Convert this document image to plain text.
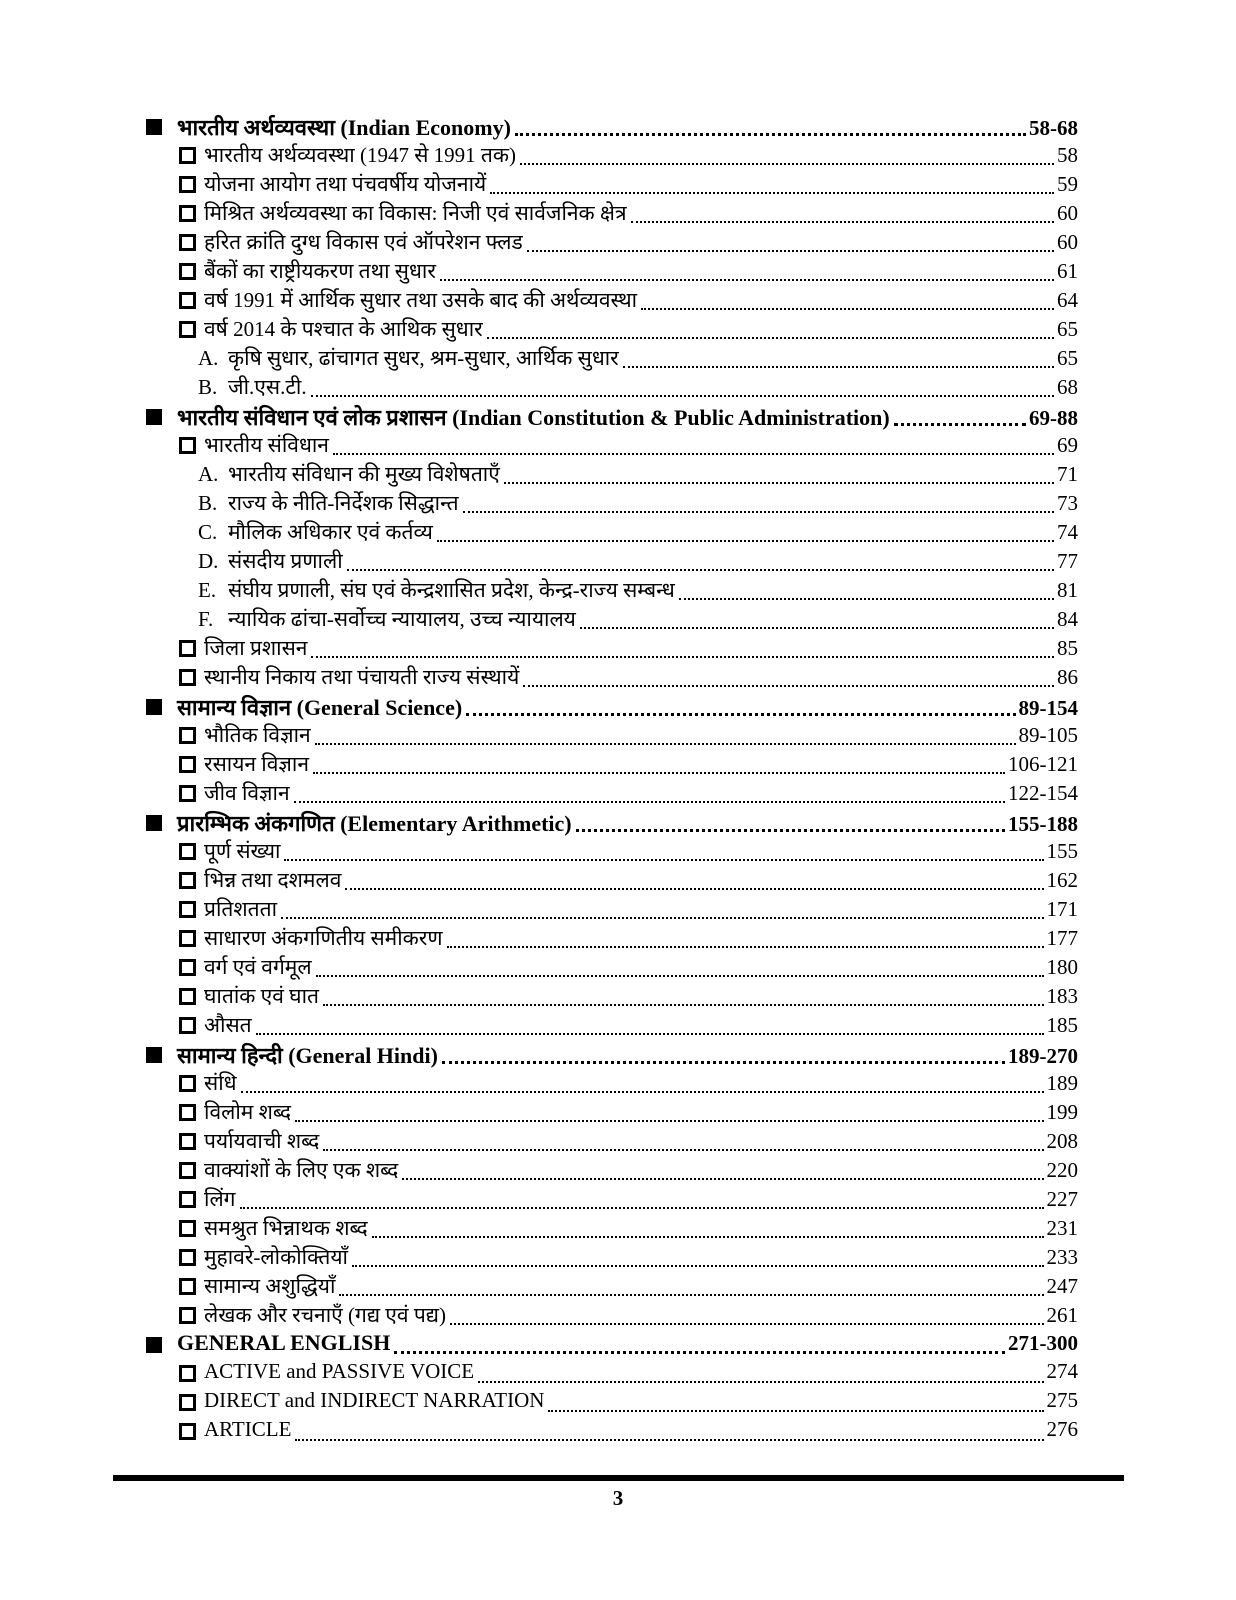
भारतीय अर्थव्यवस्था (Indian Economy)	58-68
भारतीय अर्थव्यवस्था (1947 से 1991 तक)	58
योजना आयोग तथा पंचवर्षीय योजनायें	59
मिश्रित अर्थव्यवस्था का विकास: निजी एवं सार्वजनिक क्षेत्र	60
हरित क्रांति दुग्ध विकास एवं ऑपरेशन फ्लड	60
बैंकों का राष्ट्रीयकरण तथा सुधार	61
वर्ष 1991 में आर्थिक सुधार तथा उसके बाद की अर्थव्यवस्था	64
वर्ष 2014 के पश्चात के आथिक सुधार	65
A. कृषि सुधार, ढांचागत सुधर, श्रम-सुधार, आर्थिक सुधार	65
B. जी.एस.टी.	68
भारतीय संविधान एवं लोक प्रशासन (Indian Constitution & Public Administration)	69-88
भारतीय संविधान	69
A. भारतीय संविधान की मुख्य विशेषताएँ	71
B. राज्य के नीति-निर्देशक सिद्धान्त	73
C. मौलिक अधिकार एवं कर्तव्य	74
D. संसदीय प्रणाली	77
E. संघीय प्रणाली, संघ एवं केन्द्रशासित प्रदेश, केन्द्र-राज्य सम्बन्ध	81
F. न्यायिक ढांचा-सर्वोच्च न्यायालय, उच्च न्यायालय	84
जिला प्रशासन	85
स्थानीय निकाय तथा पंचायती राज्य संस्थायें	86
सामान्य विज्ञान (General Science)	89-154
भौतिक विज्ञान	89-105
रसायन विज्ञान	106-121
जीव विज्ञान	122-154
प्रारम्भिक अंकगणित (Elementary Arithmetic)	155-188
पूर्ण संख्या	155
भिन्न तथा दशमलव	162
प्रतिशतता	171
साधारण अंकगणितीय समीकरण	177
वर्ग एवं वर्गमूल	180
घातांक एवं घात	183
औसत	185
सामान्य हिन्दी (General Hindi)	189-270
संधि	189
विलोम शब्द	199
पर्यायवाची शब्द	208
वाक्यांशों के लिए एक शब्द	220
लिंग	227
समश्रुत भिन्नाथक शब्द	231
मुहावरे-लोकोक्तियाँ	233
सामान्य अशुद्धियाँ	247
लेखक और रचनाएँ (गद्य एवं पद्य)	261
GENERAL ENGLISH	271-300
ACTIVE and PASSIVE VOICE	274
DIRECT and INDIRECT NARRATION	275
ARTICLE	276
3
